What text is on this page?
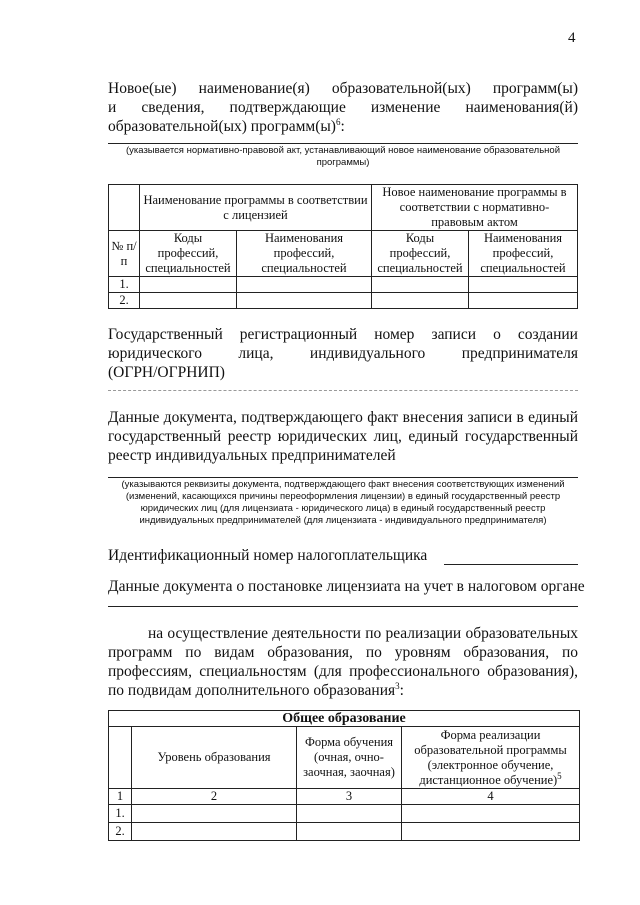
4
Новое(ые) наименование(я) образовательной(ых) программ(ы)
и сведения, подтверждающие изменение наименования(й)
образовательной(ых) $программ(ы)^6$:
(указывается нормативно-правовой акт, устанавливающий новое наименование образовательной программы)
	Наименование программы в соответствии с лицензией		Новое наименование программы в соответствии с нормативно-правовым актом	
№ п/п	Коды профессий, специальностей	Наименования профессий, специальностей	Коды профессий, специальностей	Наименования профессий, специальностей
1.				
2.				
Государственный регистрационный номер записи о создании
юридического лица, индивидуального предпринимателя
(ОГРН/ОГРНИП)
Данные документа, подтверждающего факт внесения записи в единый государственный реестр юридических лиц, единый государственный реестр индивидуальных предпринимателей
(указываются реквизиты документа, подтверждающего факт внесения соответствующих изменений (изменений, касающихся причины переоформления лицензии) в единый государственный реестр юридических лиц (для лицензиата - юридического лица) в единый государственный реестр индивидуальных предпринимателей (для лицензиата - индивидуального предпринимателя)
Идентификационный номер налогоплательщика
Данные документа о постановке лицензиата на учет в налоговом органе
на осуществление деятельности по реализации образовательных программ по видам образования, по уровням образования, по профессиям, специальностям (для профессионального образования), по подвидам дополнительного образования$^3$:
Общее образование			
	Уровень образования	Форма обучения (очная, очно-заочная, заочная)	Форма реализации образовательной программы (электронное обучение, дистанционное обучение)$^5$
1	2	3	4
1.			
2.			
